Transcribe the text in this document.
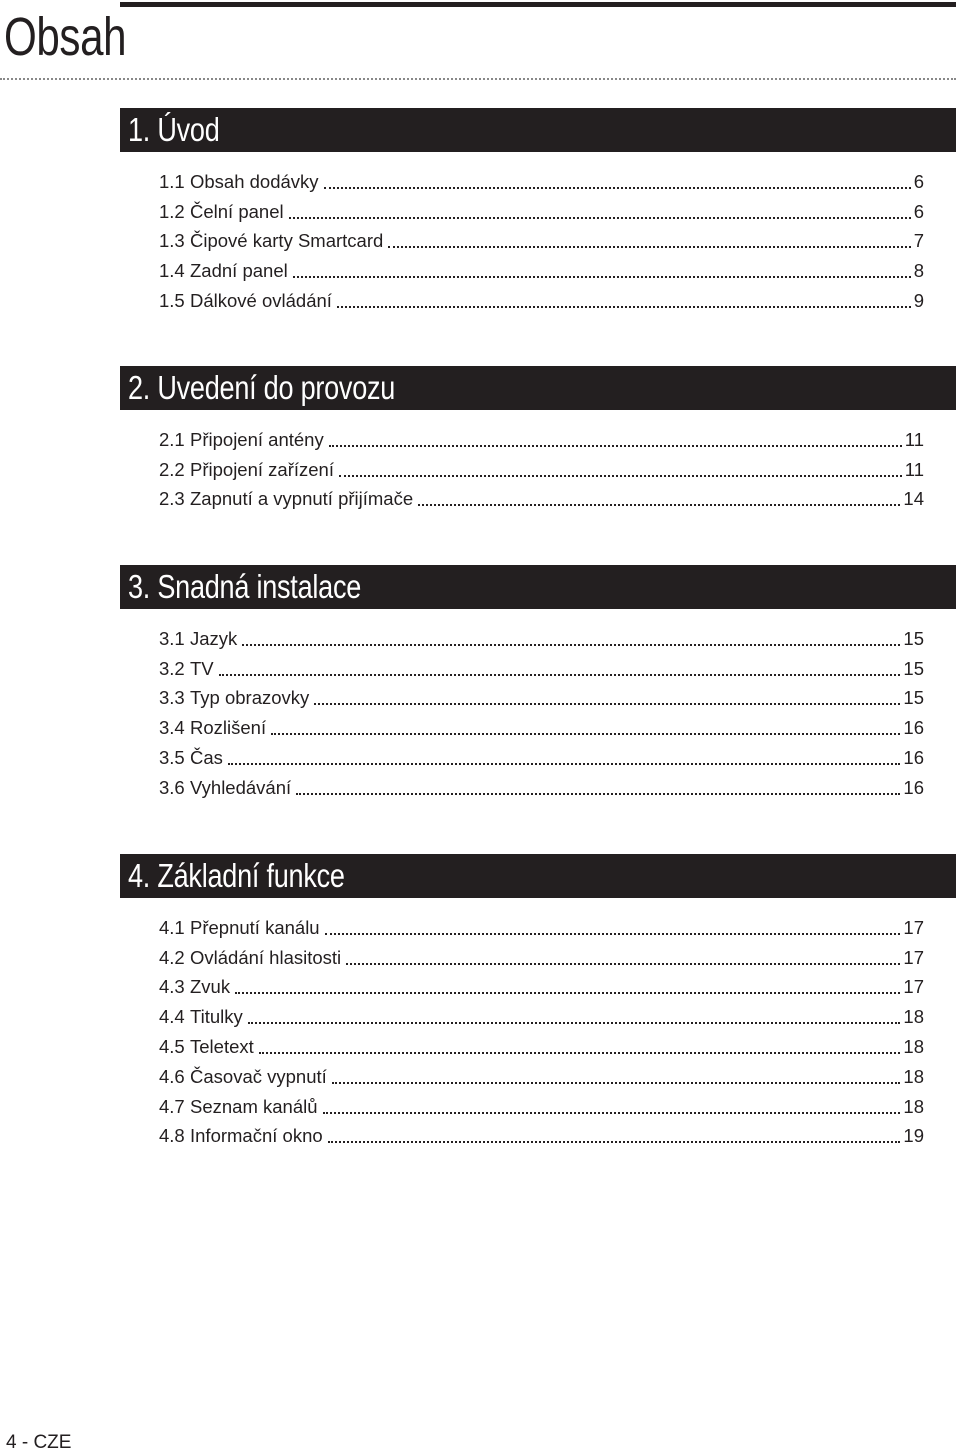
Obsah
1. Úvod
1.1 Obsah dodávky	6
1.2 Čelní panel	6
1.3 Čipové karty Smartcard	7
1.4 Zadní panel	8
1.5 Dálkové ovládání	9
2. Uvedení do provozu
2.1 Připojení antény	11
2.2 Připojení zařízení	11
2.3 Zapnutí a vypnutí přijímače	14
3. Snadná instalace
3.1 Jazyk	15
3.2 TV	15
3.3 Typ obrazovky	15
3.4 Rozlišení	16
3.5 Čas	16
3.6 Vyhledávání	16
4. Základní funkce
4.1 Přepnutí kanálu	17
4.2 Ovládání hlasitosti	17
4.3 Zvuk	17
4.4 Titulky	18
4.5 Teletext	18
4.6 Časovač vypnutí	18
4.7 Seznam kanálů	18
4.8 Informační okno	19
4 - CZE
